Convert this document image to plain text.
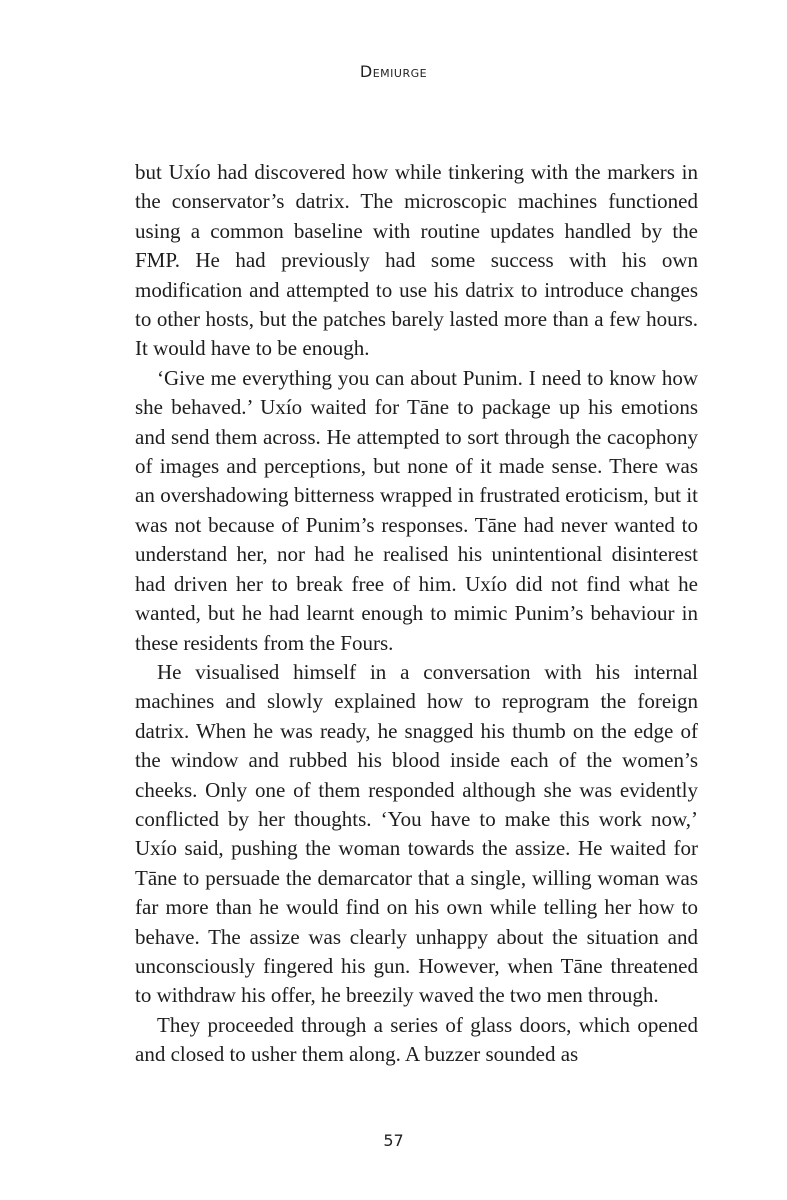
Demiurge

but Uxío had discovered how while tinkering with the markers in the conservator’s datrix. The microscopic machines functioned using a common baseline with routine updates handled by the FMP. He had previously had some success with his own modification and attempted to use his datrix to introduce changes to other hosts, but the patches barely lasted more than a few hours. It would have to be enough.

‘Give me everything you can about Punim. I need to know how she behaved.’ Uxío waited for Tāne to package up his emotions and send them across. He attempted to sort through the cacophony of images and perceptions, but none of it made sense. There was an overshadowing bitterness wrapped in frustrated eroticism, but it was not because of Punim’s responses. Tāne had never wanted to understand her, nor had he realised his unintentional disinterest had driven her to break free of him. Uxío did not find what he wanted, but he had learnt enough to mimic Punim’s behaviour in these residents from the Fours.

He visualised himself in a conversation with his internal machines and slowly explained how to reprogram the foreign datrix. When he was ready, he snagged his thumb on the edge of the window and rubbed his blood inside each of the women’s cheeks. Only one of them responded although she was evidently conflicted by her thoughts. ‘You have to make this work now,’ Uxío said, pushing the woman towards the assize. He waited for Tāne to persuade the demarcator that a single, willing woman was far more than he would find on his own while telling her how to behave. The assize was clearly unhappy about the situation and unconsciously fingered his gun. However, when Tāne threatened to withdraw his offer, he breezily waved the two men through.

They proceeded through a series of glass doors, which opened and closed to usher them along. A buzzer sounded as

57
